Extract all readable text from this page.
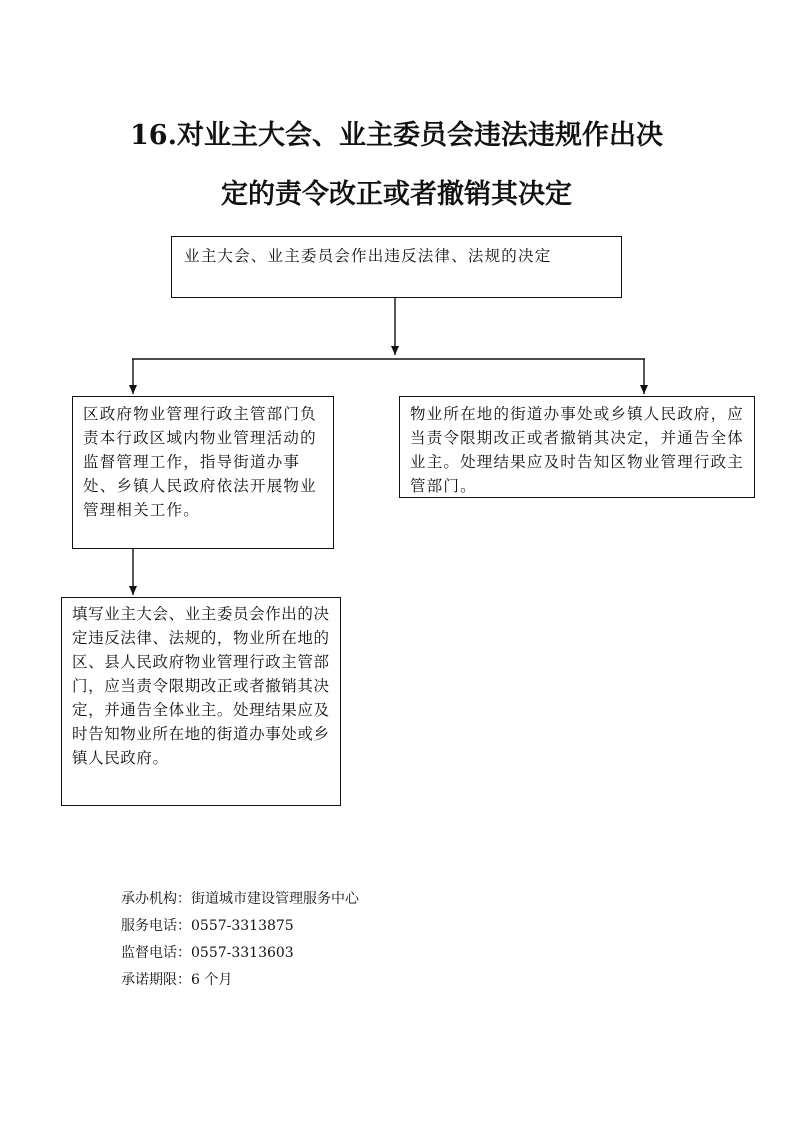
16.对业主大会、业主委员会违法违规作出决
定的责令改正或者撤销其决定
业主大会、业主委员会作出违反法律、法规的决定
区政府物业管理行政主管部门负责本行政区域内物业管理活动的监督管理工作，指导街道办事处、乡镇人民政府依法开展物业管理相关工作。
物业所在地的街道办事处或乡镇人民政府，应当责令限期改正或者撤销其决定，并通告全体业主。处理结果应及时告知区物业管理行政主管部门。
填写业主大会、业主委员会作出的决定违反法律、法规的，物业所在地的区、县人民政府物业管理行政主管部门，应当责令限期改正或者撤销其决定，并通告全体业主。处理结果应及时告知物业所在地的街道办事处或乡镇人民政府。
承办机构：街道城市建设管理服务中心
服务电话：0557-3313875
监督电话：0557-3313603
承诺期限：6 个月
